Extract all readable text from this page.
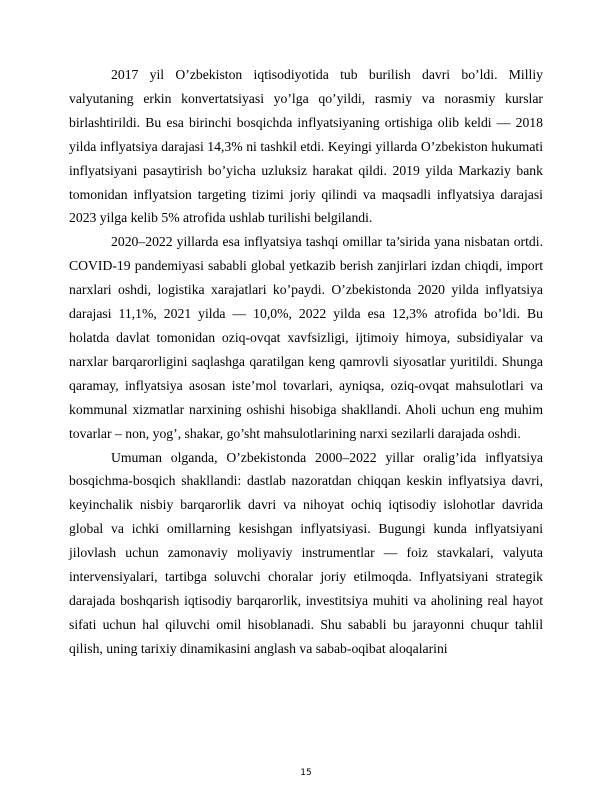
2017 yil O’zbekiston iqtisodiyotida tub burilish davri bo’ldi. Milliy valyutaning erkin konvertatsiyasi yo’lga qo’yildi, rasmiy va norasmiy kurslar birlashtirildi. Bu esa birinchi bosqichda inflyatsiyaning ortishiga olib keldi — 2018 yilda inflyatsiya darajasi 14,3% ni tashkil etdi. Keyingi yillarda O’zbekiston hukumati inflyatsiyani pasaytirish bo’yicha uzluksiz harakat qildi. 2019 yilda Markaziy bank tomonidan inflyatsion targeting tizimi joriy qilindi va maqsadli inflyatsiya darajasi 2023 yilga kelib 5% atrofida ushlab turilishi belgilandi.

2020–2022 yillarda esa inflyatsiya tashqi omillar ta’sirida yana nisbatan ortdi. COVID-19 pandemiyasi sababli global yetkazib berish zanjirlari izdan chiqdi, import narxlari oshdi, logistika xarajatlari ko’paydi. O’zbekistonda 2020 yilda inflyatsiya darajasi 11,1%, 2021 yilda — 10,0%, 2022 yilda esa 12,3% atrofida bo’ldi. Bu holatda davlat tomonidan oziq-ovqat xavfsizligi, ijtimoiy himoya, subsidiyalar va narxlar barqarorligini saqlashga qaratilgan keng qamrovli siyosatlar yuritildi. Shunga qaramay, inflyatsiya asosan iste’mol tovarlari, ayniqsa, oziq-ovqat mahsulotlari va kommunal xizmatlar narxining oshishi hisobiga shakllandi. Aholi uchun eng muhim tovarlar – non, yog’, shakar, go’sht mahsulotlarining narxi sezilarli darajada oshdi.

Umuman olganda, O’zbekistonda 2000–2022 yillar oralig’ida inflyatsiya bosqichma-bosqich shakllandi: dastlab nazoratdan chiqqan keskin inflyatsiya davri, keyinchalik nisbiy barqarorlik davri va nihoyat ochiq iqtisodiy islohotlar davrida global va ichki omillarning kesishgan inflyatsiyasi. Bugungi kunda inflyatsiyani jilovlash uchun zamonaviy moliyaviy instrumentlar — foiz stavkalari, valyuta intervensiyalari, tartibga soluvchi choralar joriy etilmoqda. Inflyatsiyani strategik darajada boshqarish iqtisodiy barqarorlik, investitsiya muhiti va aholining real hayot sifati uchun hal qiluvchi omil hisoblanadi. Shu sababli bu jarayonni chuqur tahlil qilish, uning tarixiy dinamikasini anglash va sabab-oqibat aloqalarini

15
